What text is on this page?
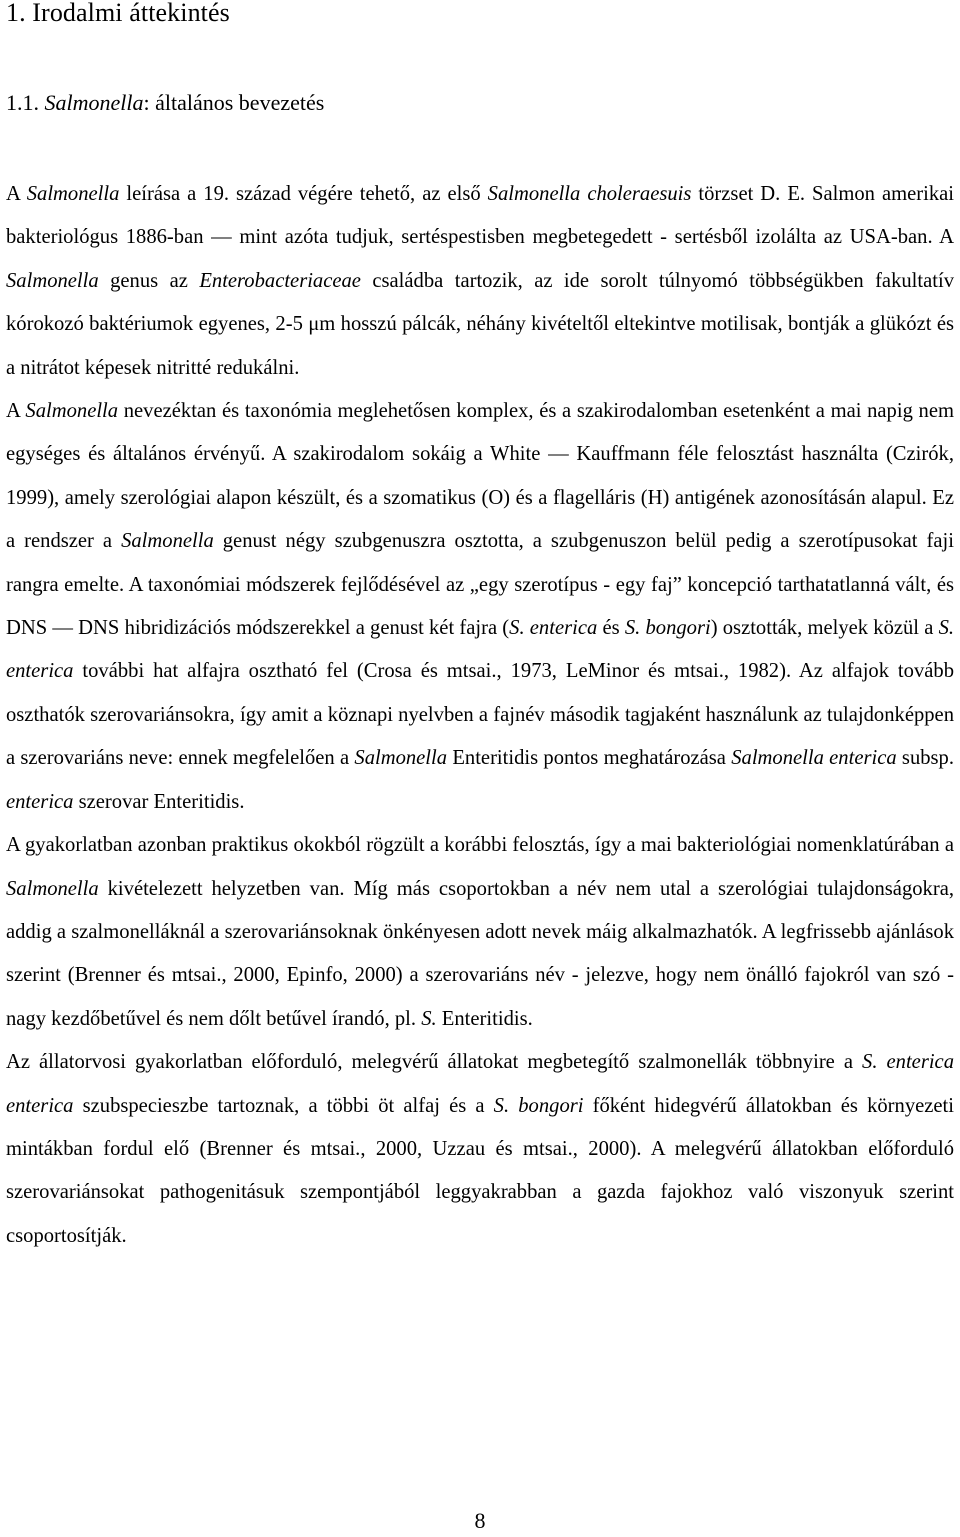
1. Irodalmi áttekintés
1.1. Salmonella: általános bevezetés

A Salmonella leírása a 19. század végére tehető, az első Salmonella choleraesuis törzset D. E. Salmon amerikai bakteriológus 1886-ban — mint azóta tudjuk, sertéspestisben megbetegedett - sertésből izolálta az USA-ban. A Salmonella genus az Enterobacteriaceae családba tartozik, az ide sorolt túlnyomó többségükben fakultatív kórokozó baktériumok egyenes, 2-5 μm hosszú pálcák, néhány kivételtől eltekintve motilisak, bontják a glükózt és a nitrátot képesek nitritté redukálni.

A Salmonella nevezéktan és taxonómia meglehetősen komplex, és a szakirodalomban esetenként a mai napig nem egységes és általános érvényű. A szakirodalom sokáig a White — Kauffmann féle felosztást használta (Czirók, 1999), amely szerológiai alapon készült, és a szomatikus (O) és a flagelláris (H) antigének azonosításán alapul. Ez a rendszer a Salmonella genust négy szubgenuszra osztotta, a szubgenuszon belül pedig a szerotípusokat faji rangra emelte. A taxonómiai módszerek fejlődésével az „egy szerotípus - egy faj” koncepció tarthatatlanná vált, és DNS — DNS hibridizációs módszerekkel a genust két fajra (S. enterica és S. bongori) osztották, melyek közül a S. enterica további hat alfajra osztható fel (Crosa és mtsai., 1973, LeMinor és mtsai., 1982). Az alfajok tovább oszthatók szerovariánsokra, így amit a köznapi nyelvben a fajnév második tagjaként használunk az tulajdonképpen a szerovariáns neve: ennek megfelelően a Salmonella Enteritidis pontos meghatározása Salmonella enterica subsp. enterica szerovar Enteritidis.

A gyakorlatban azonban praktikus okokból rögzült a korábbi felosztás, így a mai bakteriológiai nomenklatúrában a Salmonella kivételezett helyzetben van. Míg más csoportokban a név nem utal a szerológiai tulajdonságokra, addig a szalmonelláknál a szerovariánsoknak önkényesen adott nevek máig alkalmazhatók. A legfrissebb ajánlások szerint (Brenner és mtsai., 2000, Epinfo, 2000) a szerovariáns név - jelezve, hogy nem önálló fajokról van szó - nagy kezdőbetűvel és nem dőlt betűvel írandó, pl. S. Enteritidis.

Az állatorvosi gyakorlatban előforduló, melegvérű állatokat megbetegítő szalmonellák többnyire a S. enterica enterica szubspecieszbe tartoznak, a többi öt alfaj és a S. bongori főként hidegvérű állatokban és környezeti mintákban fordul elő (Brenner és mtsai., 2000, Uzzau és mtsai., 2000). A melegvérű állatokban előforduló szerovariánsokat pathogenitásuk szempontjából leggyakrabban a gazda fajokhoz való viszonyuk szerint csoportosítják.

8
